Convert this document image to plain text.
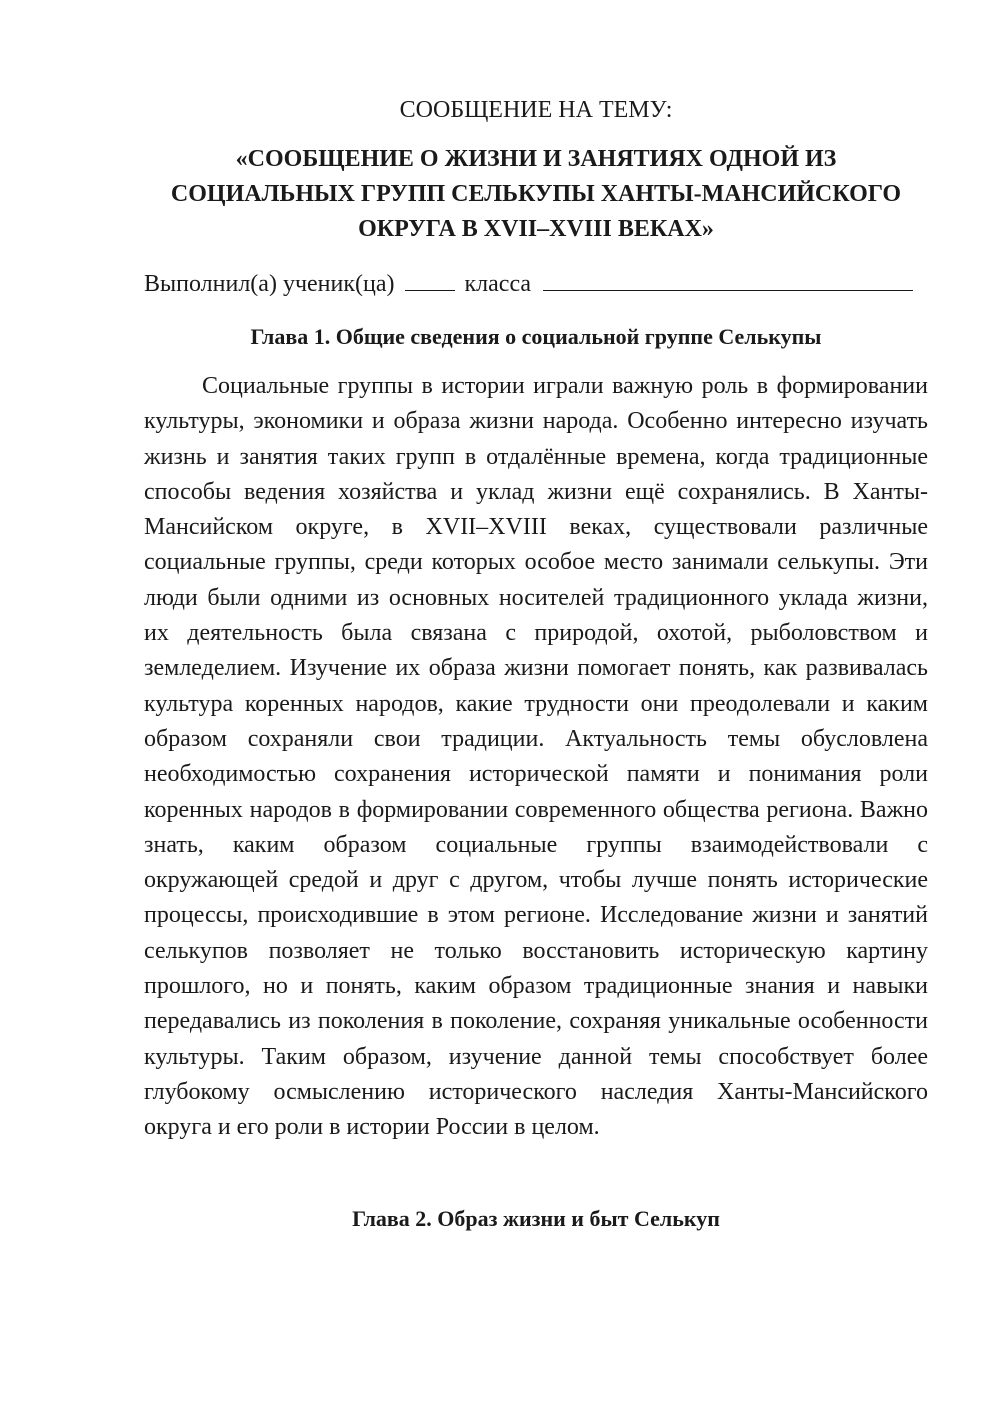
СООБЩЕНИЕ НА ТЕМУ:
«СООБЩЕНИЕ О ЖИЗНИ И ЗАНЯТИЯХ ОДНОЙ ИЗ
СОЦИАЛЬНЫХ ГРУПП СЕЛЬКУПЫ ХАНТЫ-МАНСИЙСКОГО
ОКРУГА В XVII–XVIII ВЕКАХ»
Выполнил(а) ученик(ца)	класса
Глава 1. Общие сведения о социальной группе Селькупы

Социальные группы в истории играли важную роль в формировании культуры, экономики и образа жизни народа. Особенно интересно изучать жизнь и занятия таких групп в отдалённые времена, когда традиционные способы ведения хозяйства и уклад жизни ещё сохранялись. В Ханты-Мансийском округе, в XVII–XVIII веках, существовали различные социальные группы, среди которых особое место занимали селькупы. Эти люди были одними из основных носителей традиционного уклада жизни, их деятельность была связана с природой, охотой, рыболовством и земледелием. Изучение их образа жизни помогает понять, как развивалась культура коренных народов, какие трудности они преодолевали и каким образом сохраняли свои традиции. Актуальность темы обусловлена необходимостью сохранения исторической памяти и понимания роли коренных народов в формировании современного общества региона. Важно знать, каким образом социальные группы взаимодействовали с окружающей средой и друг с другом, чтобы лучше понять исторические процессы, происходившие в этом регионе. Исследование жизни и занятий селькупов позволяет не только восстановить историческую картину прошлого, но и понять, каким образом традиционные знания и навыки передавались из поколения в поколение, сохраняя уникальные особенности культуры. Таким образом, изучение данной темы способствует более глубокому осмыслению исторического наследия Ханты-Мансийского округа и его роли в истории России в целом.

Глава 2. Образ жизни и быт Селькуп
